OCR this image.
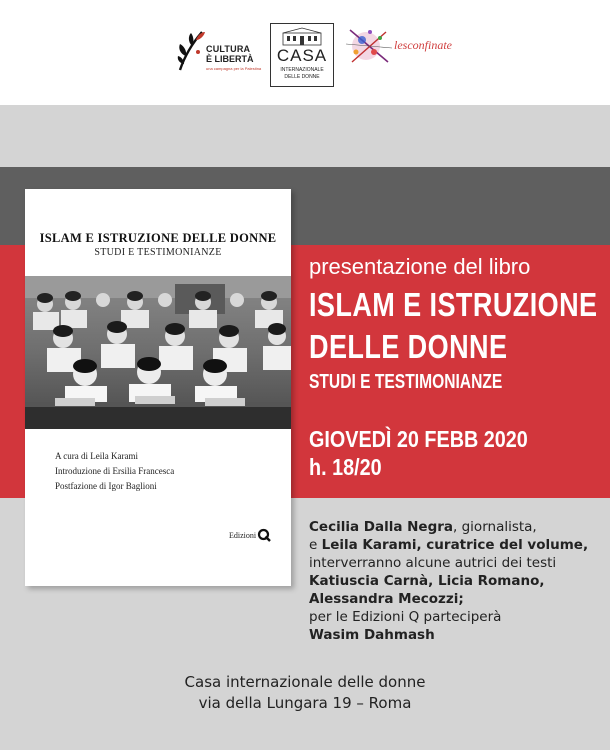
CULTURA
È LIBERTÀ
una campagna per la Palestina
CASA
INTERNAZIONALE
DELLE DONNE
lesconfinate
ISLAM E ISTRUZIONE DELLE DONNE
STUDI E TESTIMONIANZE
A cura di Leila Karami
Introduzione di Ersilia Francesca
Postfazione di Igor Baglioni
Edizioni
presentazione del libro
ISLAM E ISTRUZIONE
DELLE DONNE
STUDI E TESTIMONIANZE
GIOVEDÌ 20 FEBB 2020
h. 18/20
Cecilia Dalla Negra, giornalista,
e Leila Karami, curatrice del volume,
interverranno alcune autrici dei testi
Katiuscia Carnà, Licia Romano,
Alessandra Mecozzi;
per le Edizioni Q parteciperà
Wasim Dahmash
Casa internazionale delle donne
via della Lungara 19 – Roma
